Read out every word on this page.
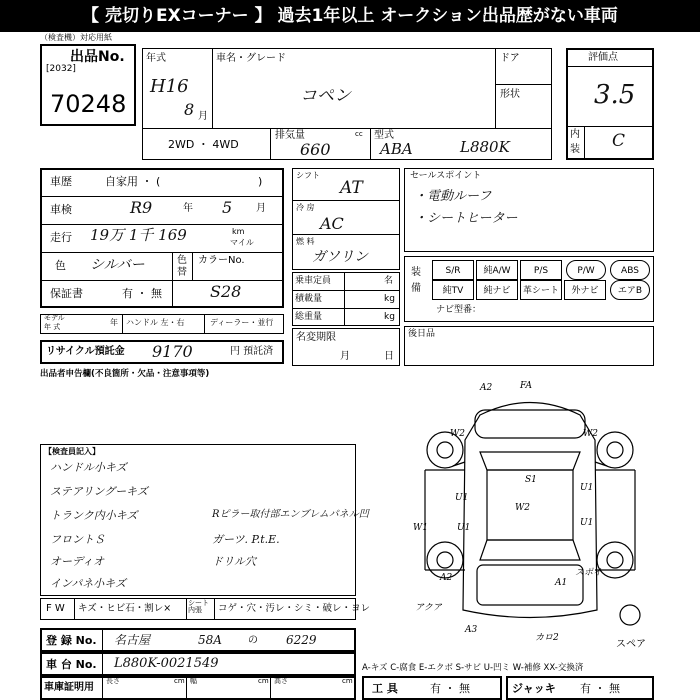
【 売切りEXコーナー 】 過去1年以上 オークション出品歴がない車両
（検査機）対応用紙
出品No.
[2032]
70248
年式
H16
8 月
車名・グレード
コペン
ドア
形状
2WD ・ 4WD
排気量	cc
660
型式
ABA	L880K
評価点
3.5
内
装 C
車歴	自家用 ・ (	)
車検	R9	年 5 月
走行 19万 1千 169	km
マイル
色 シルバー	色
替
カラーNo.
S28
保証書	有 ・ 無
モデル
年 式	年 ハンドル 左・右	ディーラー・並行
リサイクル預託金 9170	円 預託済
シフト
AT
冷 房
AC
燃 料
ガソリン
乗車定員	名
積載量	kg
総重量	kg
名変期限
月	日
セールスポイント
・電動ルーフ
・シートヒーター
装
備
S/R	純A/W	P/S	P/W	ABS
純TV	純ナビ	革シート	外ナビ	エアB
ナビ型番：
後日品
出品者申告欄(不良箇所・欠品・注意事項等)
【検査員記入】
ハンドル小キズ
ステアリングーキズ
トランク内小キズ
フロントＳ
オーディオ
インパネ小キズ
Rピラー取付部エンブレムパネル凹
ガーツ. P.t.E.
ドリル穴
F W キズ・ヒビ石・割レ× シート 内張	コゲ・穴・汚レ・シミ・破レ・ヨレ
A2	FA
W2	W2
S1
U1
W2
U1
U1	U1
W1
A1
A2
A3
カロ2
スポイ
アクア
スペア
A-キズ C-腐食 E-エクボ S-サビ U-凹ミ W-補修 XX-交換済
登 録 No. 名古屋	58A	の 6229
車 台 No. L880K-0021549
車庫証明用
長さ	cm 幅	cm 高さ	cm
工 具	有 ・ 無	ジャッキ 有 ・ 無
